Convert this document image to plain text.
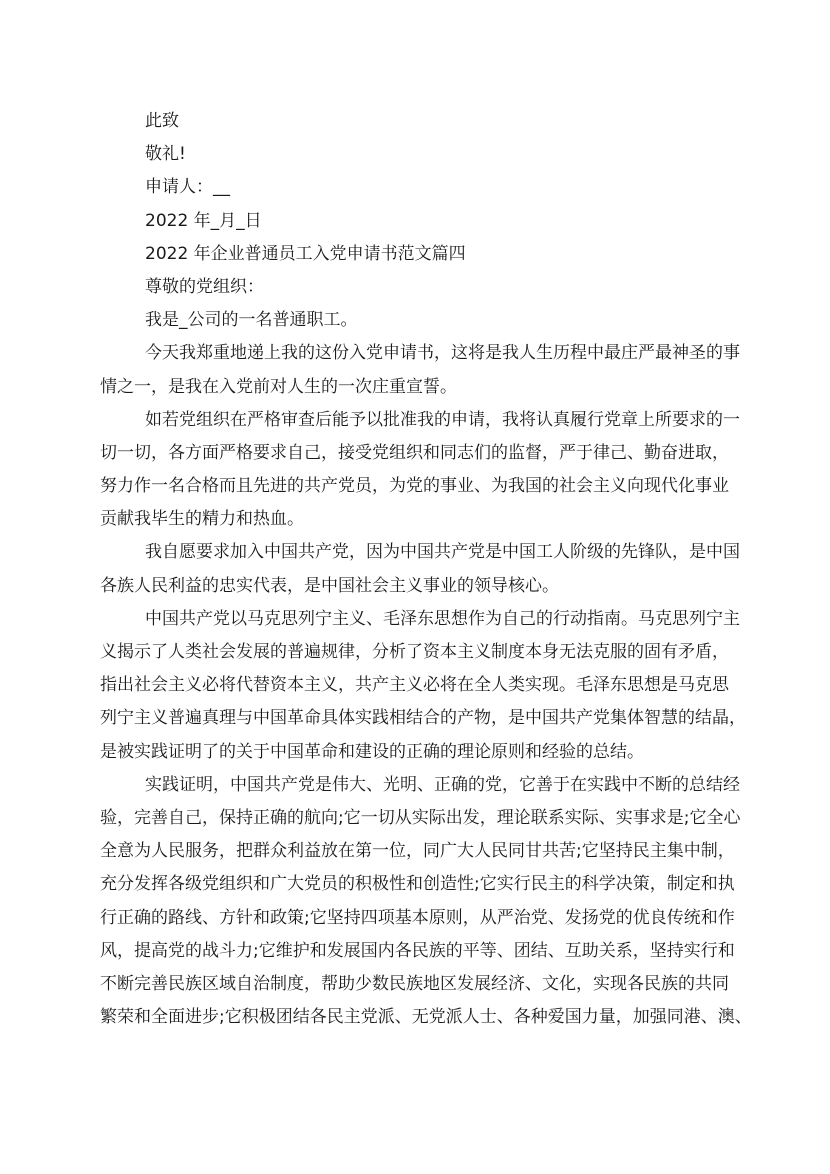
此致
敬礼!
申请人：__
2022 年_月_日
2022 年企业普通员工入党申请书范文篇四
尊敬的党组织：
我是_公司的一名普通职工。
今天我郑重地递上我的这份入党申请书，这将是我人生历程中最庄严最神圣的事
情之一，是我在入党前对人生的一次庄重宣誓。
如若党组织在严格审查后能予以批准我的申请，我将认真履行党章上所要求的一
切一切，各方面严格要求自己，接受党组织和同志们的监督，严于律己、勤奋进取，
努力作一名合格而且先进的共产党员，为党的事业、为我国的社会主义向现代化事业
贡献我毕生的精力和热血。
我自愿要求加入中国共产党，因为中国共产党是中国工人阶级的先锋队，是中国
各族人民利益的忠实代表，是中国社会主义事业的领导核心。
中国共产党以马克思列宁主义、毛泽东思想作为自己的行动指南。马克思列宁主
义揭示了人类社会发展的普遍规律，分析了资本主义制度本身无法克服的固有矛盾，
指出社会主义必将代替资本主义，共产主义必将在全人类实现。毛泽东思想是马克思
列宁主义普遍真理与中国革命具体实践相结合的产物，是中国共产党集体智慧的结晶，
是被实践证明了的关于中国革命和建设的正确的理论原则和经验的总结。
实践证明，中国共产党是伟大、光明、正确的党，它善于在实践中不断的总结经
验，完善自己，保持正确的航向;它一切从实际出发，理论联系实际、实事求是;它全心
全意为人民服务，把群众利益放在第一位，同广大人民同甘共苦;它坚持民主集中制，
充分发挥各级党组织和广大党员的积极性和创造性;它实行民主的科学决策，制定和执
行正确的路线、方针和政策;它坚持四项基本原则，从严治党、发扬党的优良传统和作
风，提高党的战斗力;它维护和发展国内各民族的平等、团结、互助关系，坚持实行和
不断完善民族区域自治制度，帮助少数民族地区发展经济、文化，实现各民族的共同
繁荣和全面进步;它积极团结各民主党派、无党派人士、各种爱国力量，加强同港、澳、
